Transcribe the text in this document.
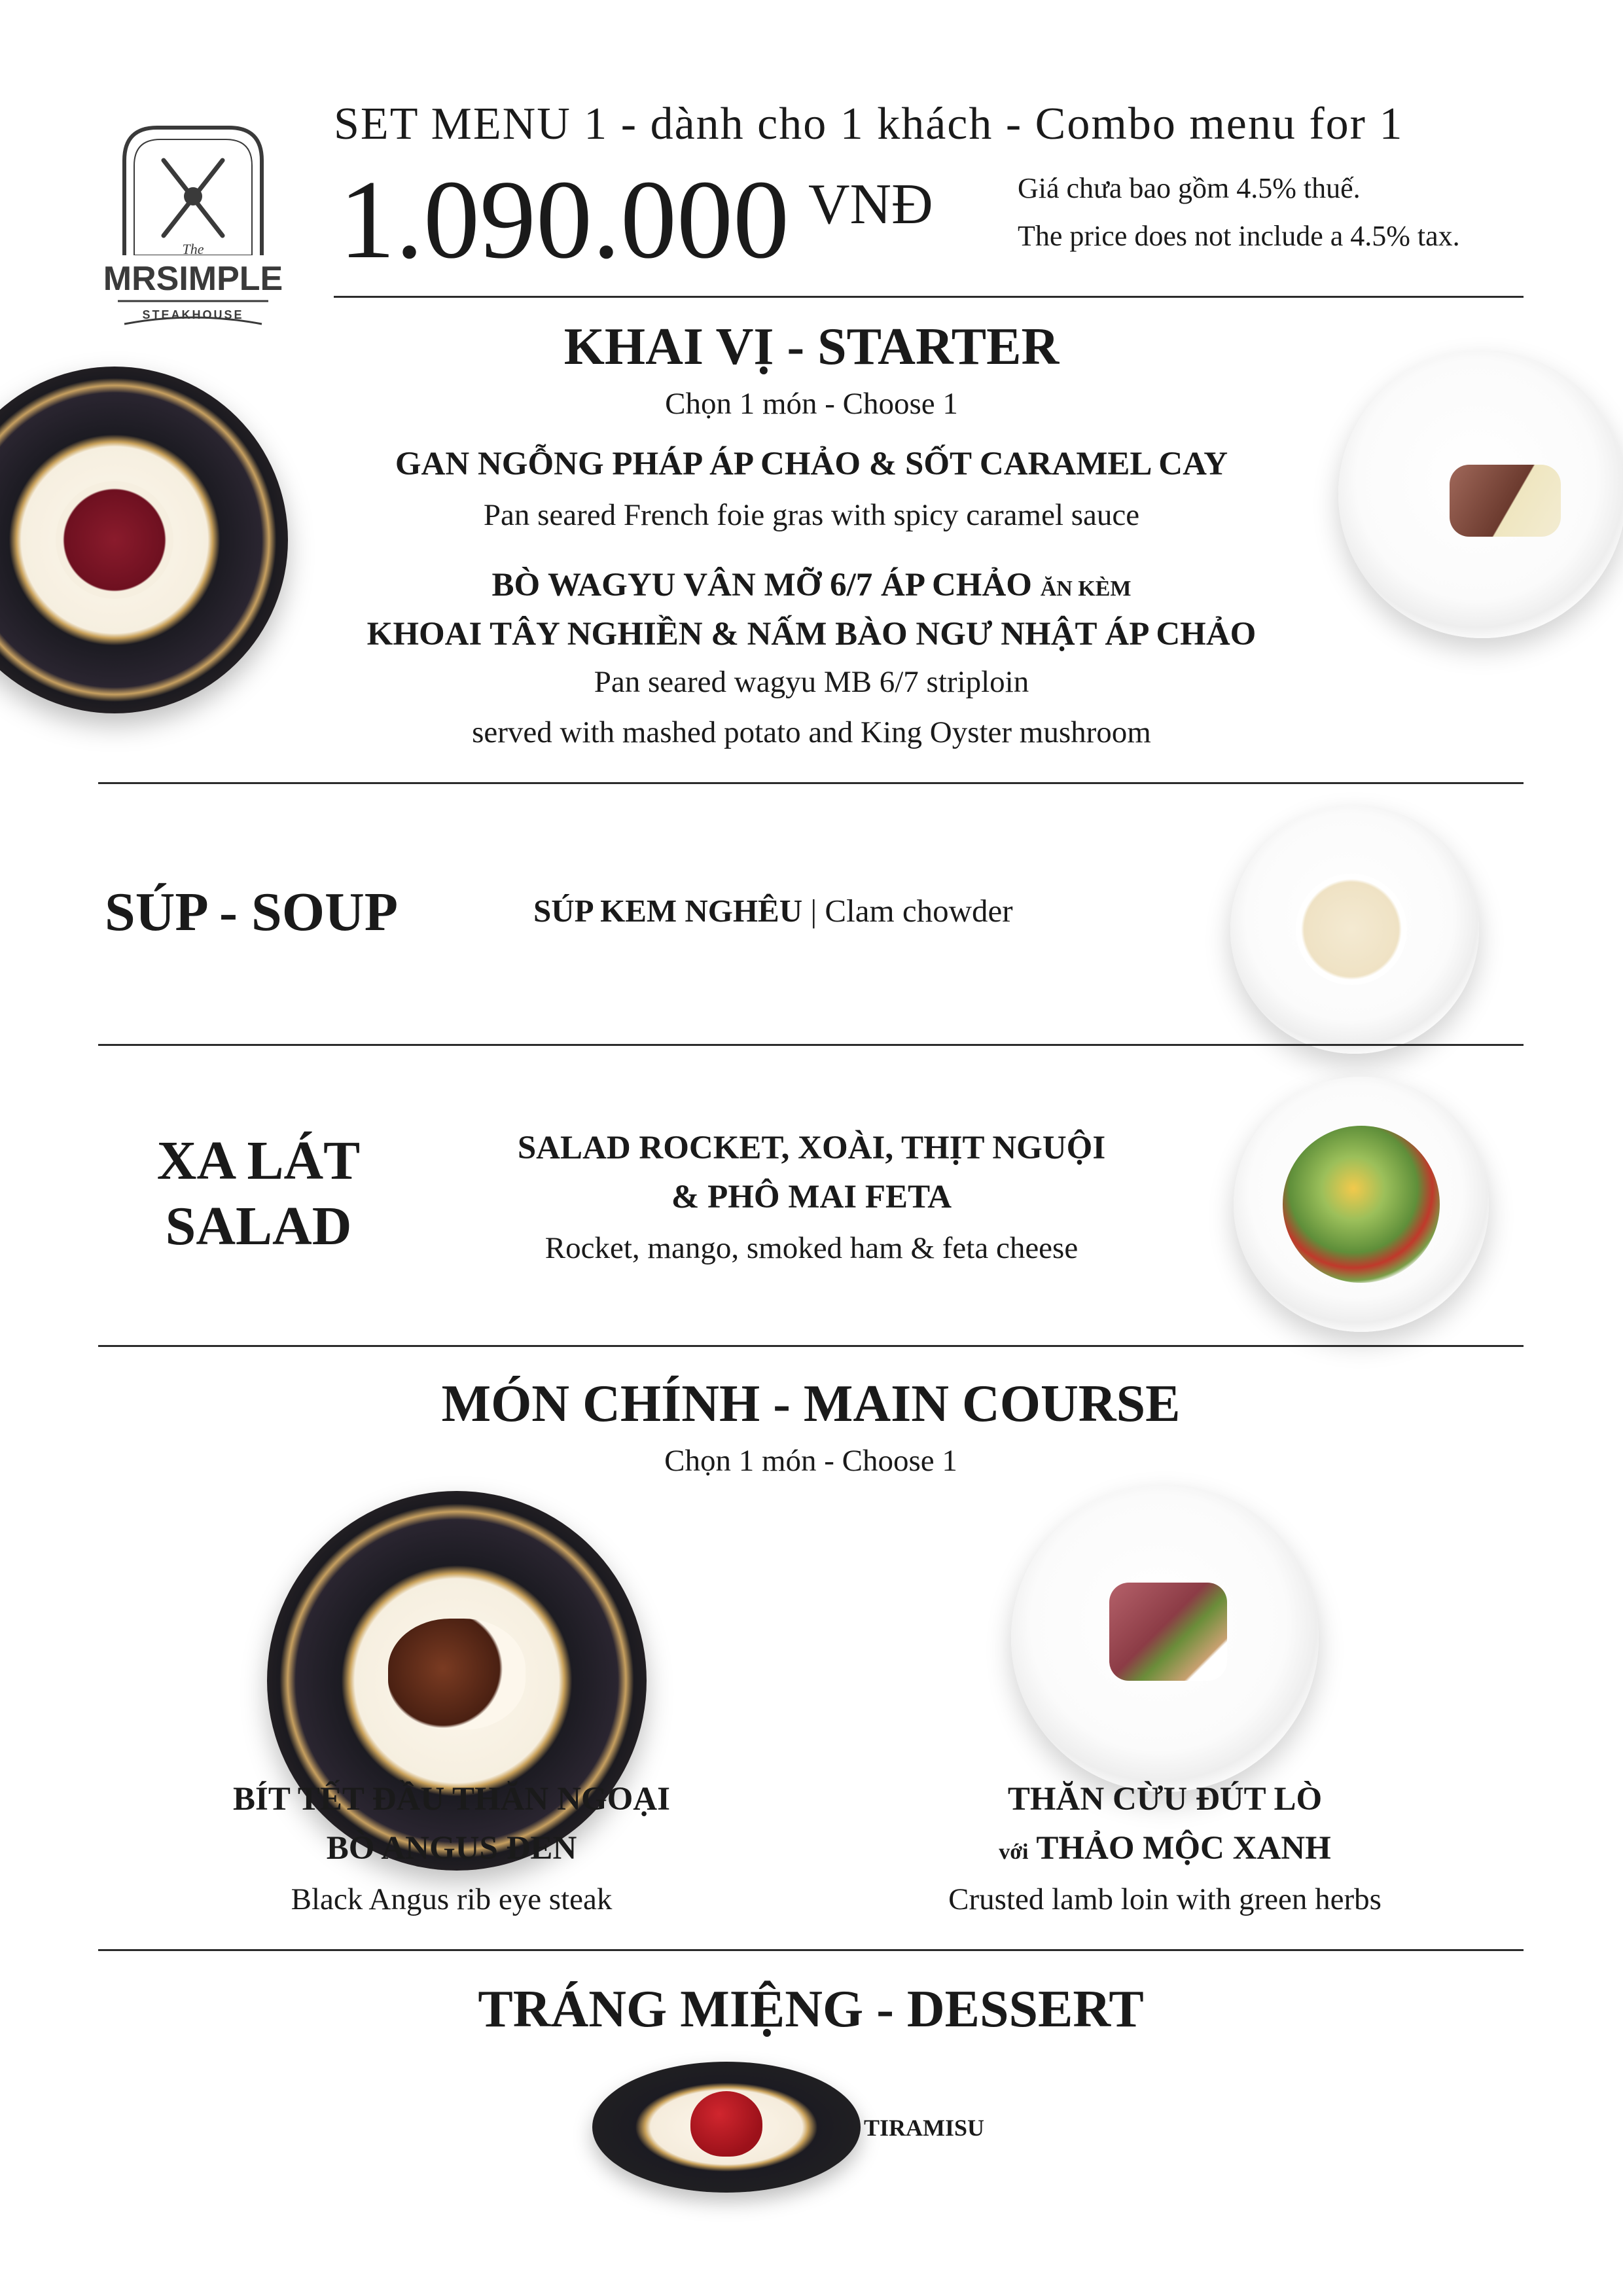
The
MRSIMPLE
STEAKHOUSE
SET MENU 1 - dành cho 1 khách - Combo menu for 1
1.090.000 VNĐ	Giá chưa bao gồm 4.5% thuế.
The price does not include a 4.5% tax.
KHAI VỊ - STARTER
Chọn 1 món - Choose 1
GAN NGỖNG PHÁP ÁP CHẢO & SỐT CARAMEL CAY
Pan seared French foie gras with spicy caramel sauce
BÒ WAGYU VÂN MỠ 6/7 ÁP CHẢO ĂN KÈM
KHOAI TÂY NGHIỀN & NẤM BÀO NGƯ NHẬT ÁP CHẢO
Pan seared wagyu MB 6/7 striploin
served with mashed potato and King Oyster mushroom
SÚP - SOUP	SÚP KEM NGHÊU | Clam chowder
XA LÁT
SALAD
SALAD ROCKET, XOÀI, THỊT NGUỘI
& PHÔ MAI FETA
Rocket, mango, smoked ham & feta cheese
MÓN CHÍNH - MAIN COURSE
Chọn 1 món - Choose 1
BÍT TẾT ĐẦU THĂN NGOẠI
BÒ ANGUS ĐEN
Black Angus rib eye steak
THĂN CỪU ĐÚT LÒ
với THẢO MỘC XANH
Crusted lamb loin with green herbs
TRÁNG MIỆNG - DESSERT
TIRAMISU
